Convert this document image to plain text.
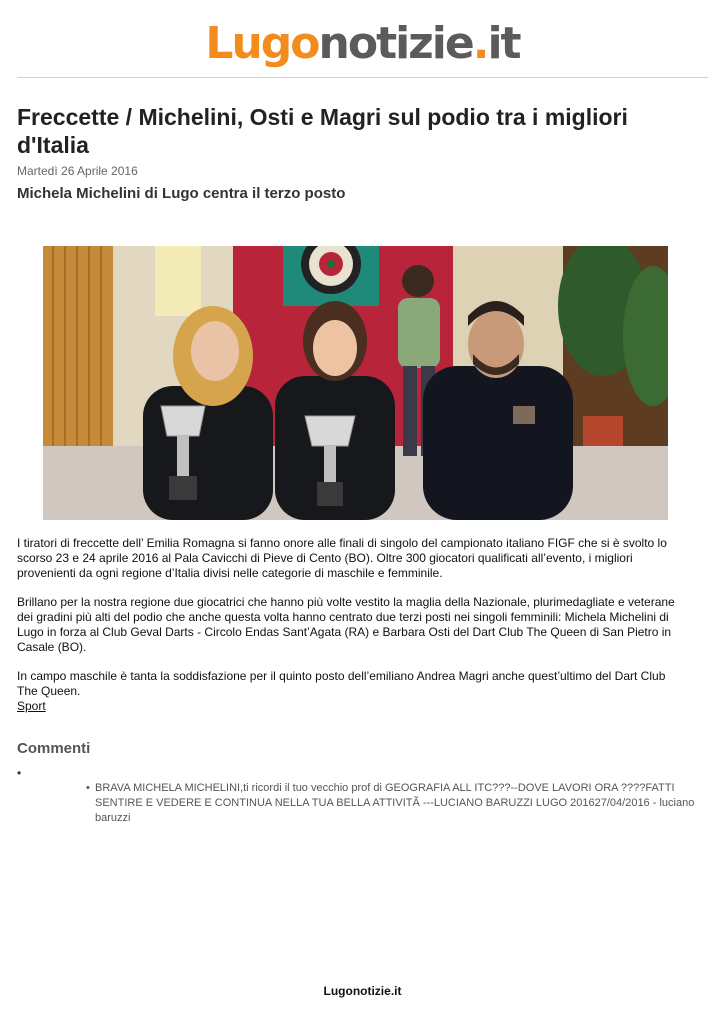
Lugonotizie.it
Freccette / Michelini, Osti e Magri sul podio tra i migliori d'Italia
Martedì 26 Aprile 2016
Michela Michelini di Lugo centra il terzo posto

I tiratori di freccette dell’ Emilia Romagna si fanno onore alle finali di singolo del campionato italiano FIGF che si è svolto lo scorso 23 e 24 aprile 2016 al Pala Cavicchi di Pieve di Cento (BO). Oltre 300 giocatori qualificati all’evento, i migliori provenienti da ogni regione d’Italia divisi nelle categorie di maschile e femminile.

Brillano per la nostra regione due giocatrici che hanno più volte vestito la maglia della Nazionale, plurimedagliate e veterane dei gradini più alti del podio che anche questa volta hanno centrato due terzi posti nei singoli femminili: Michela Michelini di Lugo in forza al Club Geval Darts - Circolo Endas Sant’Agata (RA) e Barbara Osti del Dart Club The Queen di San Pietro in Casale (BO).

In campo maschile è tanta la soddisfazione per il quinto posto dell’emiliano Andrea Magri anche quest’ultimo del Dart Club The Queen.

Sport
Commenti
•
• BRAVA MICHELA MICHELINI,ti ricordi il tuo vecchio prof di GEOGRAFIA ALL ITC???--DOVE LAVORI ORA ????FATTI SENTIRE E VEDERE E CONTINUA NELLA TUA BELLA ATTIVITÃ ---LUCIANO BARUZZI LUGO 201627/04/2016 - luciano baruzzi
Lugonotizie.it
